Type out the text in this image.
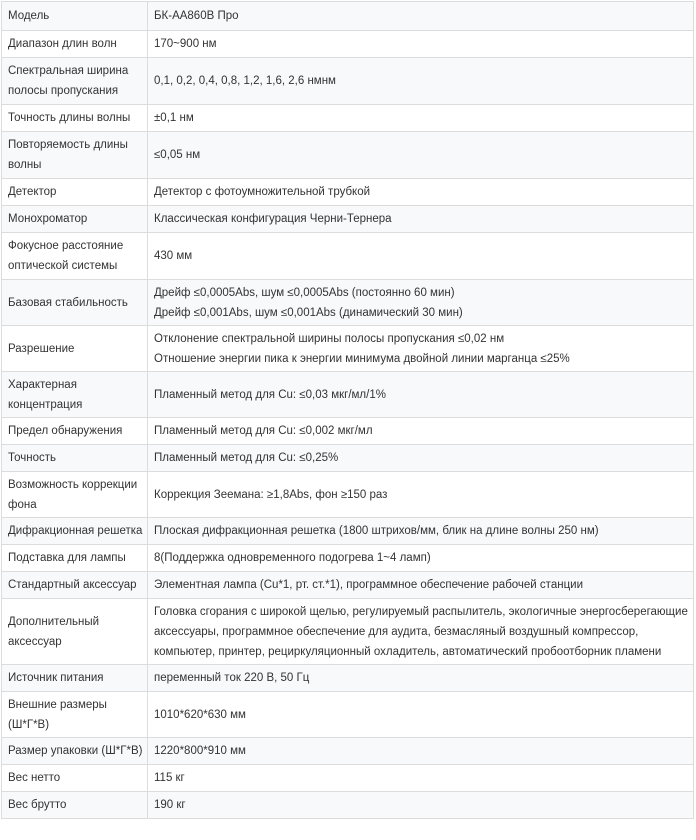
Модель	БК-АА860В Про

Диапазон длин волн	170~900 нм

Спектральная ширина
полосы пропускания	0,1, 0,2, 0,4, 0,8, 1,2, 1,6, 2,6 нмнм

Точность длины волны	±0,1 нм

Повторяемость длины
волны	≤0,05 нм

Детектор	Детектор с фотоумножительной трубкой

Монохроматор	Классическая конфигурация Черни-Тернера

Фокусное расстояние
оптической системы	430 мм

Базовая стабильность	Дрейф ≤0,0005Abs, шум ≤0,0005Abs (постоянно 60 мин)
Дрейф ≤0,001Abs, шум ≤0,001Abs (динамический 30 мин)

Разрешение	Отклонение спектральной ширины полосы пропускания ≤0,02 нм
Отношение энергии пика к энергии минимума двойной линии марганца ≤25%

Характерная
концентрация	Пламенный метод для Cu: ≤0,03 мкг/мл/1%

Предел обнаружения	Пламенный метод для Cu: ≤0,002 мкг/мл

Точность	Пламенный метод для Cu: ≤0,25%

Возможность коррекции
фона	Коррекция Зеемана: ≥1,8Abs, фон ≥150 раз

Дифракционная решетка	Плоская дифракционная решетка (1800 штрихов/мм, блик на длине волны 250 нм)

Подставка для лампы	8(Поддержка одновременного подогрева 1~4 ламп)

Стандартный аксессуар	Элементная лампа (Cu*1, рт. ст.*1), программное обеспечение рабочей станции

Дополнительный
аксессуар	Головка сгорания с широкой щелью, регулируемый распылитель, экологичные энергосберегающие
аксессуары, программное обеспечение для аудита, безмасляный воздушный компрессор,
компьютер, принтер, рециркуляционный охладитель, автоматический пробоотборник пламени

Источник питания	переменный ток 220 В, 50 Гц

Внешние размеры
(Ш*Г*В)	1010*620*630 мм

Размер упаковки (Ш*Г*В)	1220*800*910 мм

Вес нетто	115 кг

Вес брутто	190 кг
